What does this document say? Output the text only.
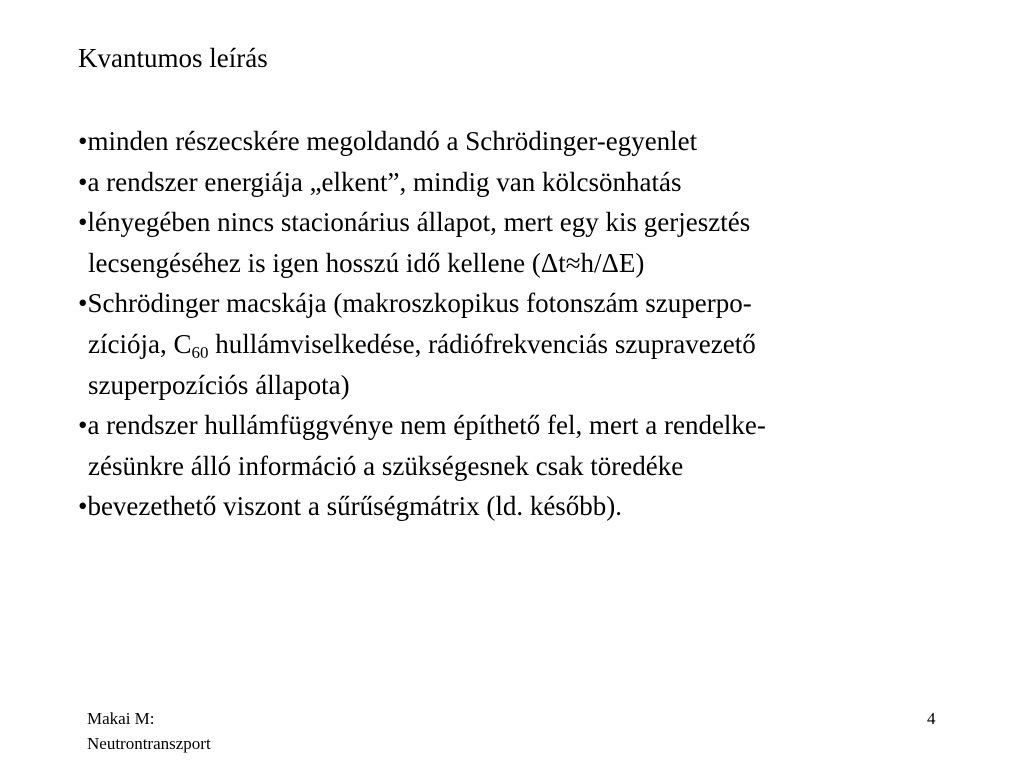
Kvantumos leírás
•minden részecskére megoldandó a Schrödinger-egyenlet
•a rendszer energiája „elkent”, mindig van kölcsönhatás
•lényegében nincs stacionárius állapot, mert egy kis gerjesztés
lecsengéséhez is igen hosszú idő kellene (Δt≈h/ΔE)
•Schrödinger macskája (makroszkopikus fotonszám szuperpo-
zíciója, $C_{60}$ hullámviselkedése, rádiófrekvenciás szupravezető
szuperpozíciós állapota)
•a rendszer hullámfüggvénye nem építhető fel, mert a rendelke-
zésünkre álló információ a szükségesnek csak töredéke
•bevezethető viszont a sűrűségmátrix (ld. később).
Makai M:
Neutrontranszport
4
